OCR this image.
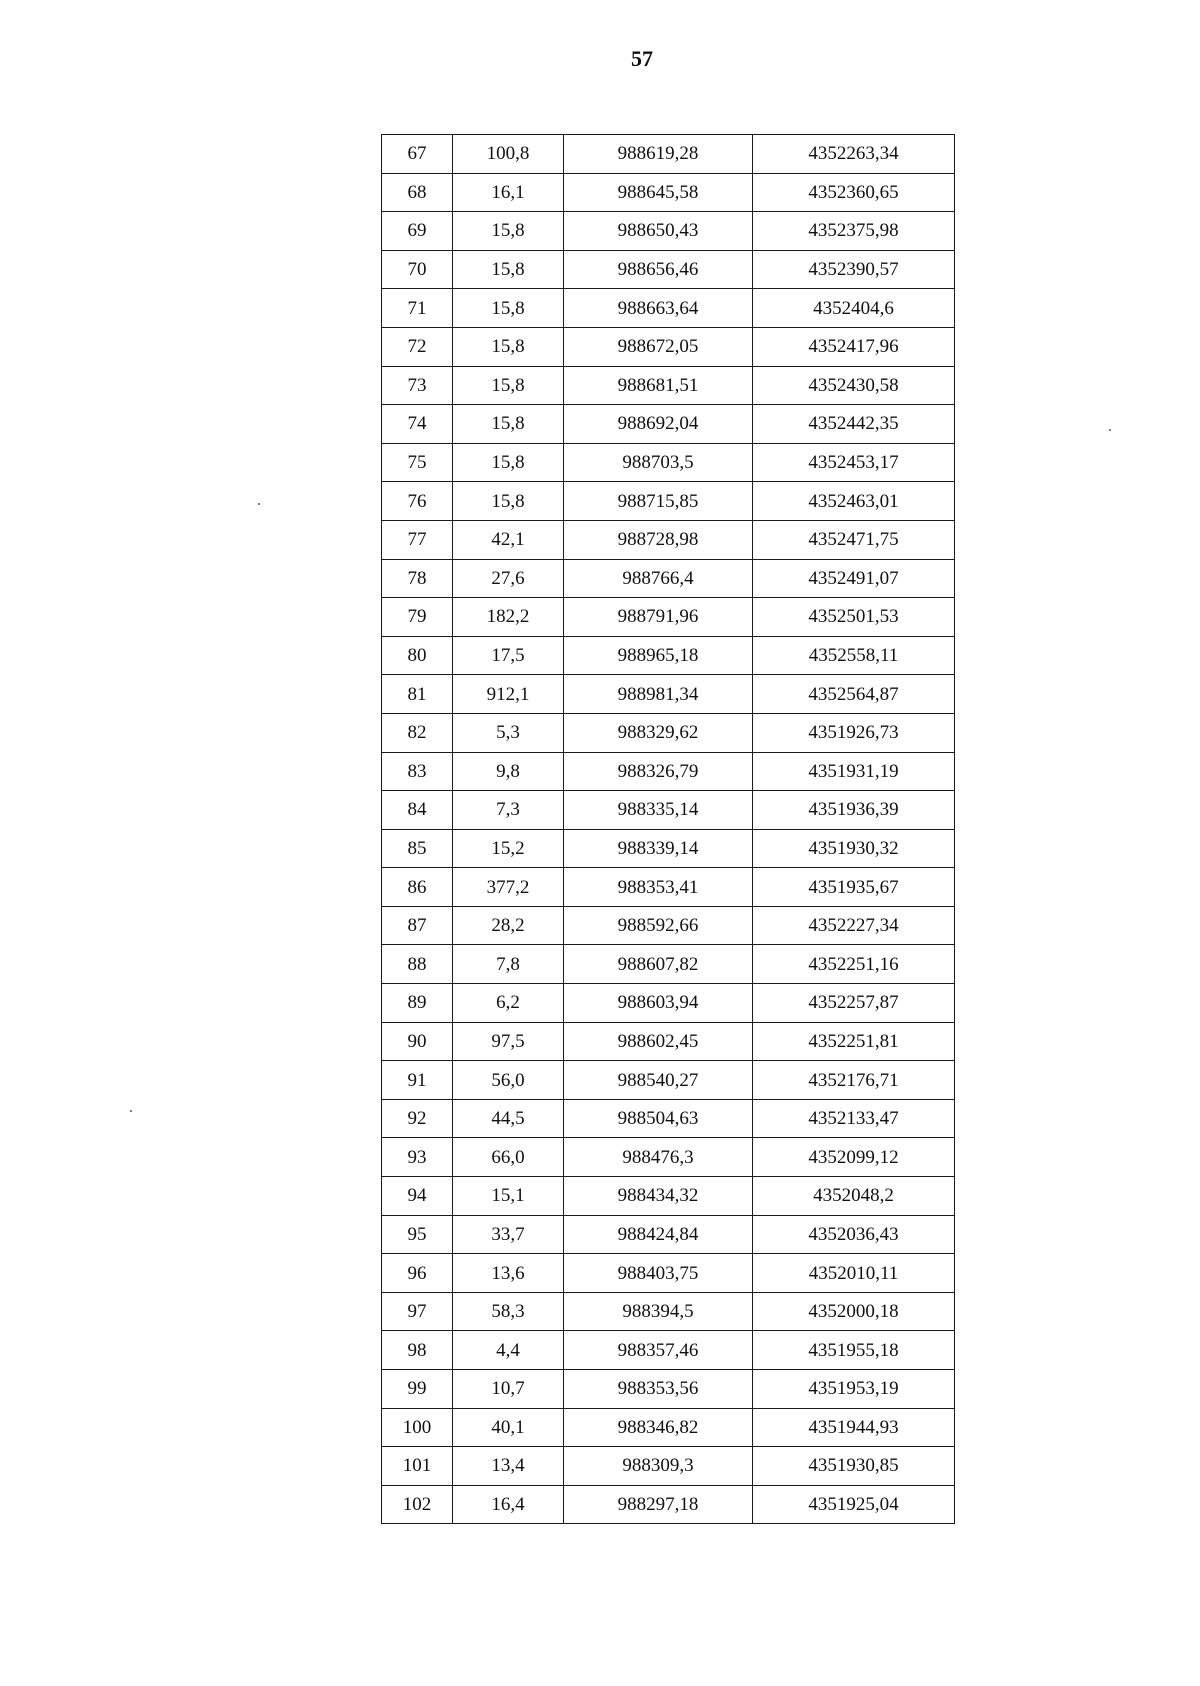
57
67	100,8	988619,28	4352263,34
68	16,1	988645,58	4352360,65
69	15,8	988650,43	4352375,98
70	15,8	988656,46	4352390,57
71	15,8	988663,64	4352404,6
72	15,8	988672,05	4352417,96
73	15,8	988681,51	4352430,58
74	15,8	988692,04	4352442,35
75	15,8	988703,5	4352453,17
76	15,8	988715,85	4352463,01
77	42,1	988728,98	4352471,75
78	27,6	988766,4	4352491,07
79	182,2	988791,96	4352501,53
80	17,5	988965,18	4352558,11
81	912,1	988981,34	4352564,87
82	5,3	988329,62	4351926,73
83	9,8	988326,79	4351931,19
84	7,3	988335,14	4351936,39
85	15,2	988339,14	4351930,32
86	377,2	988353,41	4351935,67
87	28,2	988592,66	4352227,34
88	7,8	988607,82	4352251,16
89	6,2	988603,94	4352257,87
90	97,5	988602,45	4352251,81
91	56,0	988540,27	4352176,71
92	44,5	988504,63	4352133,47
93	66,0	988476,3	4352099,12
94	15,1	988434,32	4352048,2
95	33,7	988424,84	4352036,43
96	13,6	988403,75	4352010,11
97	58,3	988394,5	4352000,18
98	4,4	988357,46	4351955,18
99	10,7	988353,56	4351953,19
100	40,1	988346,82	4351944,93
101	13,4	988309,3	4351930,85
102	16,4	988297,18	4351925,04
